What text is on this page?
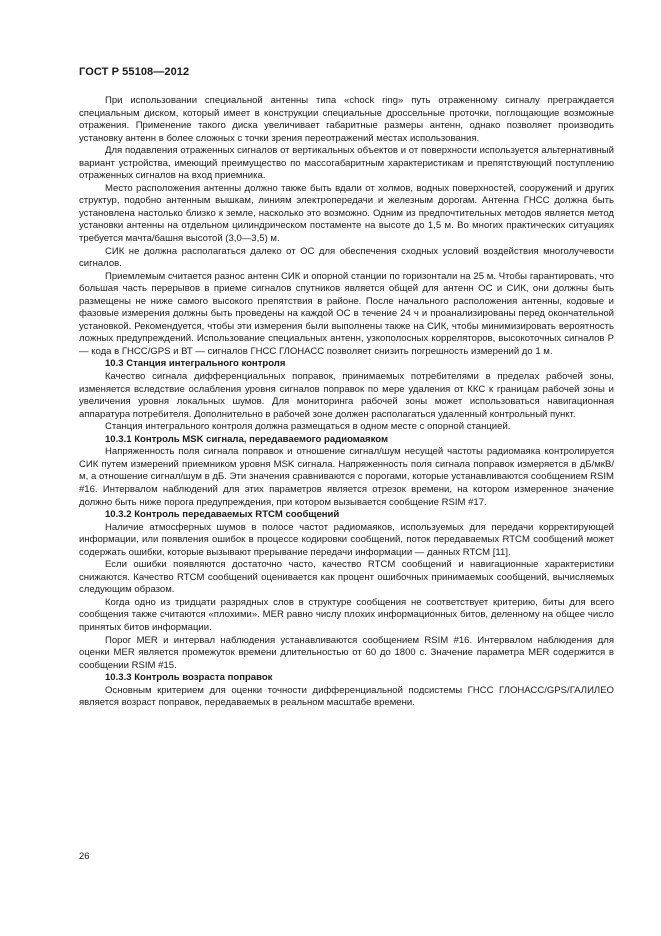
ГОСТ Р 55108—2012

При использовании специальной антенны типа «chock ring» путь отраженному сигналу преграждается специальным диском, который имеет в конструкции специальные дроссельные проточки, поглощающие возможные отражения. Применение такого диска увеличивает габаритные размеры антенн, однако позволяет производить установку антенн в более сложных с точки зрения переотражений местах использования.

Для подавления отраженных сигналов от вертикальных объектов и от поверхности используется альтернативный вариант устройства, имеющий преимущество по массогабаритным характеристикам и препятствующий поступлению отраженных сигналов на вход приемника.

Место расположения антенны должно также быть вдали от холмов, водных поверхностей, сооружений и других структур, подобно антенным вышкам, линиям электропередачи и железным дорогам. Антенна ГНСС должна быть установлена настолько близко к земле, насколько это возможно. Одним из предпочтительных методов является метод установки антенны на отдельном цилиндрическом постаменте на высоте до 1,5 м. Во многих практических ситуациях требуется мачта/башня высотой (3,0—3,5) м.

СИК не должна располагаться далеко от ОС для обеспечения сходных условий воздействия многолучевости сигналов.

Приемлемым считается разнос антенн СИК и опорной станции по горизонтали на 25 м. Чтобы гарантировать, что большая часть перерывов в приеме сигналов спутников является общей для антенн ОС и СИК, они должны быть размещены не ниже самого высокого препятствия в районе. После начального расположения антенны, кодовые и фазовые измерения должны быть проведены на каждой ОС в течение 24 ч и проанализированы перед окончательной установкой. Рекомендуется, чтобы эти измерения были выполнены также на СИК, чтобы минимизировать вероятность ложных предупреждений. Использование специальных антенн, узкополосных корреляторов, высокоточных сигналов Р — кода в ГНСС/GPS и ВТ — сигналов ГНСС ГЛОНАСС позволяет снизить погрешность измерений до 1 м.

10.3 Станция интегрального контроля

Качество сигнала дифференциальных поправок, принимаемых потребителями в пределах рабочей зоны, изменяется вследствие ослабления уровня сигналов поправок по мере удаления от ККС к границам рабочей зоны и увеличения уровня локальных шумов. Для мониторинга рабочей зоны может использоваться навигационная аппаратура потребителя. Дополнительно в рабочей зоне должен располагаться удаленный контрольный пункт.

Станция интегрального контроля должна размещаться в одном месте с опорной станцией.

10.3.1 Контроль MSK сигнала, передаваемого радиомаяком

Напряженность поля сигнала поправок и отношение сигнал/шум несущей частоты радиомаяка контролируется СИК путем измерений приемником уровня MSK сигнала. Напряженность поля сигнала поправок измеряется в дБ/мкВ/м, а отношение сигнал/шум в дБ. Эти значения сравниваются с порогами, которые устанавливаются сообщением RSIM #16. Интервалом наблюдений для этих параметров является отрезок времени, на котором измеренное значение должно быть ниже порога предупреждения, при котором вызывается сообщение RSIM #17.

10.3.2 Контроль передаваемых RTCM сообщений

Наличие атмосферных шумов в полосе частот радиомаяков, используемых для передачи корректирующей информации, или появления ошибок в процессе кодировки сообщений, поток передаваемых RTCM сообщений может содержать ошибки, которые вызывают прерывание передачи информации — данных RTCM [11].

Если ошибки появляются достаточно часто, качество RTCM сообщений и навигационные характеристики снижаются. Качество RTCM сообщений оценивается как процент ошибочных принимаемых сообщений, вычисляемых следующим образом.

Когда одно из тридцати разрядных слов в структуре сообщения не соответствует критерию, биты для всего сообщения также считаются «плохими». MER равно числу плохих информационных битов, деленному на общее число принятых битов информации.

Порог MER и интервал наблюдения устанавливаются сообщением RSIM #16. Интервалом наблюдения для оценки MER является промежуток времени длительностью от 60 до 1800 с. Значение параметра MER содержится в сообщении RSIM #15.

10.3.3 Контроль возраста поправок

Основным критерием для оценки точности дифференциальной подсистемы ГНСС ГЛОНАСС/GPS/ГАЛИЛЕО является возраст поправок, передаваемых в реальном масштабе времени.

26
